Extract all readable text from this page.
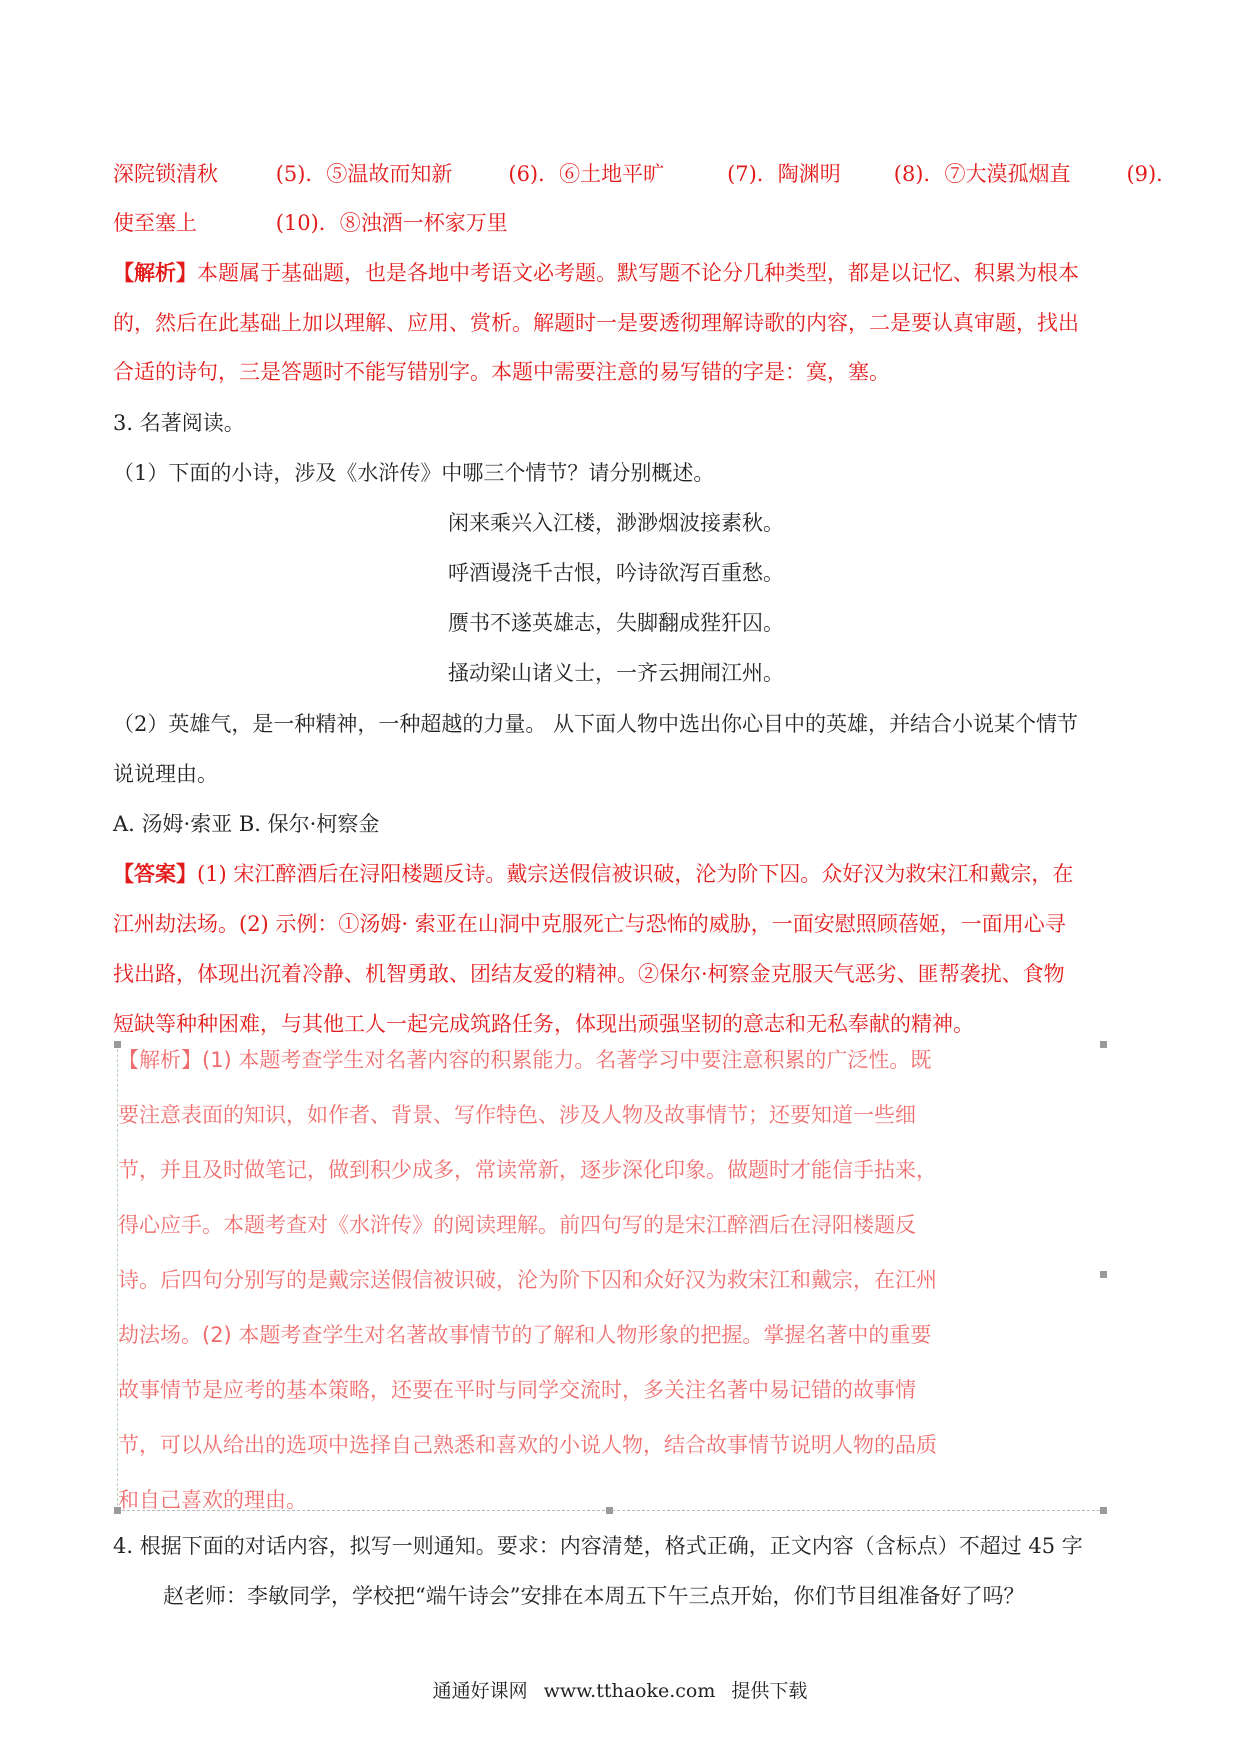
深院锁清秋	(5)．⑤温故而知新	(6)．⑥土地平旷	(7)．陶渊明	(8)．⑦大漠孤烟直	(9)．
使至塞上	(10)．⑧浊酒一杯家万里
【解析】本题属于基础题，也是各地中考语文必考题。默写题不论分几种类型，都是以记忆、积累为根本
的，然后在此基础上加以理解、应用、赏析。解题时一是要透彻理解诗歌的内容，二是要认真审题，找出
合适的诗句，三是答题时不能写错别字。本题中需要注意的易写错的字是：寞，塞。
3. 名著阅读。
（1）下面的小诗，涉及《水浒传》中哪三个情节？请分别概述。
闲来乘兴入江楼，渺渺烟波接素秋。
呼酒谩浇千古恨，吟诗欲泻百重愁。
赝书不遂英雄志，失脚翻成狴犴囚。
搔动梁山诸义士，一齐云拥闹江州。
（2）英雄气，是一种精神，一种超越的力量。 从下面人物中选出你心目中的英雄，并结合小说某个情节
说说理由。
A. 汤姆·索亚 B. 保尔·柯察金
【答案】(1) 宋江醉酒后在浔阳楼题反诗。戴宗送假信被识破，沦为阶下囚。众好汉为救宋江和戴宗，在
江州劫法场。(2) 示例：①汤姆· 索亚在山洞中克服死亡与恐怖的威胁，一面安慰照顾蓓姬，一面用心寻
找出路，体现出沉着冷静、机智勇敢、团结友爱的精神。②保尔·柯察金克服天气恶劣、匪帮袭扰、食物
短缺等种种困难，与其他工人一起完成筑路任务，体现出顽强坚韧的意志和无私奉献的精神。
【解析】(1) 本题考查学生对名著内容的积累能力。名著学习中要注意积累的广泛性。既
要注意表面的知识，如作者、背景、写作特色、涉及人物及故事情节；还要知道一些细
节，并且及时做笔记，做到积少成多，常读常新，逐步深化印象。做题时才能信手拈来，
得心应手。本题考查对《水浒传》的阅读理解。前四句写的是宋江醉酒后在浔阳楼题反
诗。后四句分别写的是戴宗送假信被识破，沦为阶下囚和众好汉为救宋江和戴宗，在江州
劫法场。(2) 本题考查学生对名著故事情节的了解和人物形象的把握。掌握名著中的重要
故事情节是应考的基本策略，还要在平时与同学交流时，多关注名著中易记错的故事情
节，可以从给出的选项中选择自己熟悉和喜欢的小说人物，结合故事情节说明人物的品质
和自己喜欢的理由。
4. 根据下面的对话内容，拟写一则通知。要求：内容清楚，格式正确，正文内容（含标点）不超过 45 字
赵老师：李敏同学，学校把“端午诗会”安排在本周五下午三点开始，你们节目组准备好了吗？
通通好课网 www.tthaoke.com 提供下载
